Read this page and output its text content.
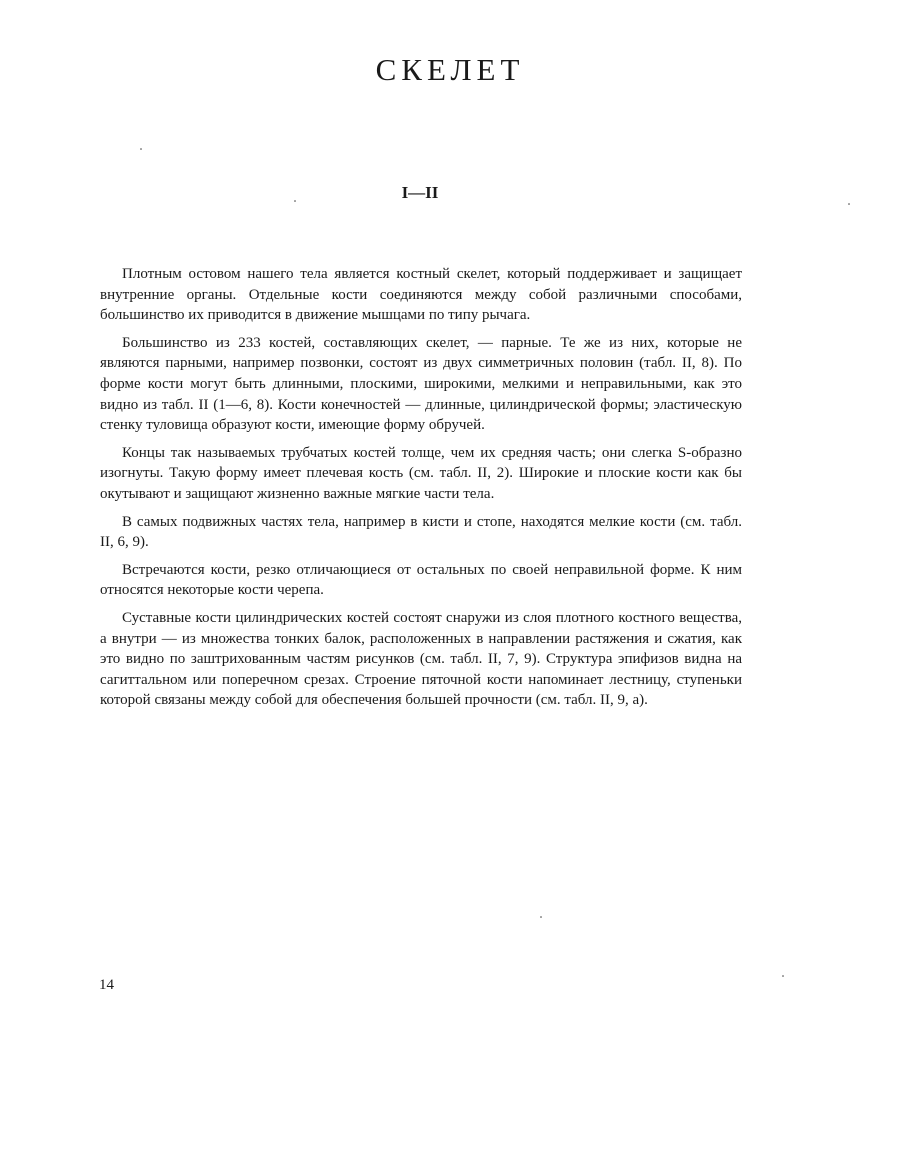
СКЕЛЕТ
I—II

Плотным остовом нашего тела является костный скелет, который поддерживает и защищает внутренние органы. Отдельные кости соединяются между собой различными способами, большинство их приводится в движение мышцами по типу рычага.

Большинство из 233 костей, составляющих скелет, — парные. Те же из них, которые не являются парными, например позвонки, состоят из двух симметричных половин (табл. II, 8). По форме кости могут быть длинными, плоскими, широкими, мелкими и неправильными, как это видно из табл. II (1—6, 8). Кости конечностей — длинные, цилиндрической формы; эластическую стенку туловища образуют кости, имеющие форму обручей.

Концы так называемых трубчатых костей толще, чем их средняя часть; они слегка S-образно изогнуты. Такую форму имеет плечевая кость (см. табл. II, 2). Широкие и плоские кости как бы окутывают и защищают жизненно важные мягкие части тела.

В самых подвижных частях тела, например в кисти и стопе, находятся мелкие кости (см. табл. II, 6, 9).

Встречаются кости, резко отличающиеся от остальных по своей неправильной форме. К ним относятся некоторые кости черепа.

Суставные кости цилиндрических костей состоят снаружи из слоя плотного костного вещества, а внутри — из множества тонких балок, расположенных в направлении растяжения и сжатия, как это видно по заштрихованным частям рисунков (см. табл. II, 7, 9). Структура эпифизов видна на сагиттальном или поперечном срезах. Строение пяточной кости напоминает лестницу, ступеньки которой связаны между собой для обеспечения большей прочности (см. табл. II, 9, а).

14
